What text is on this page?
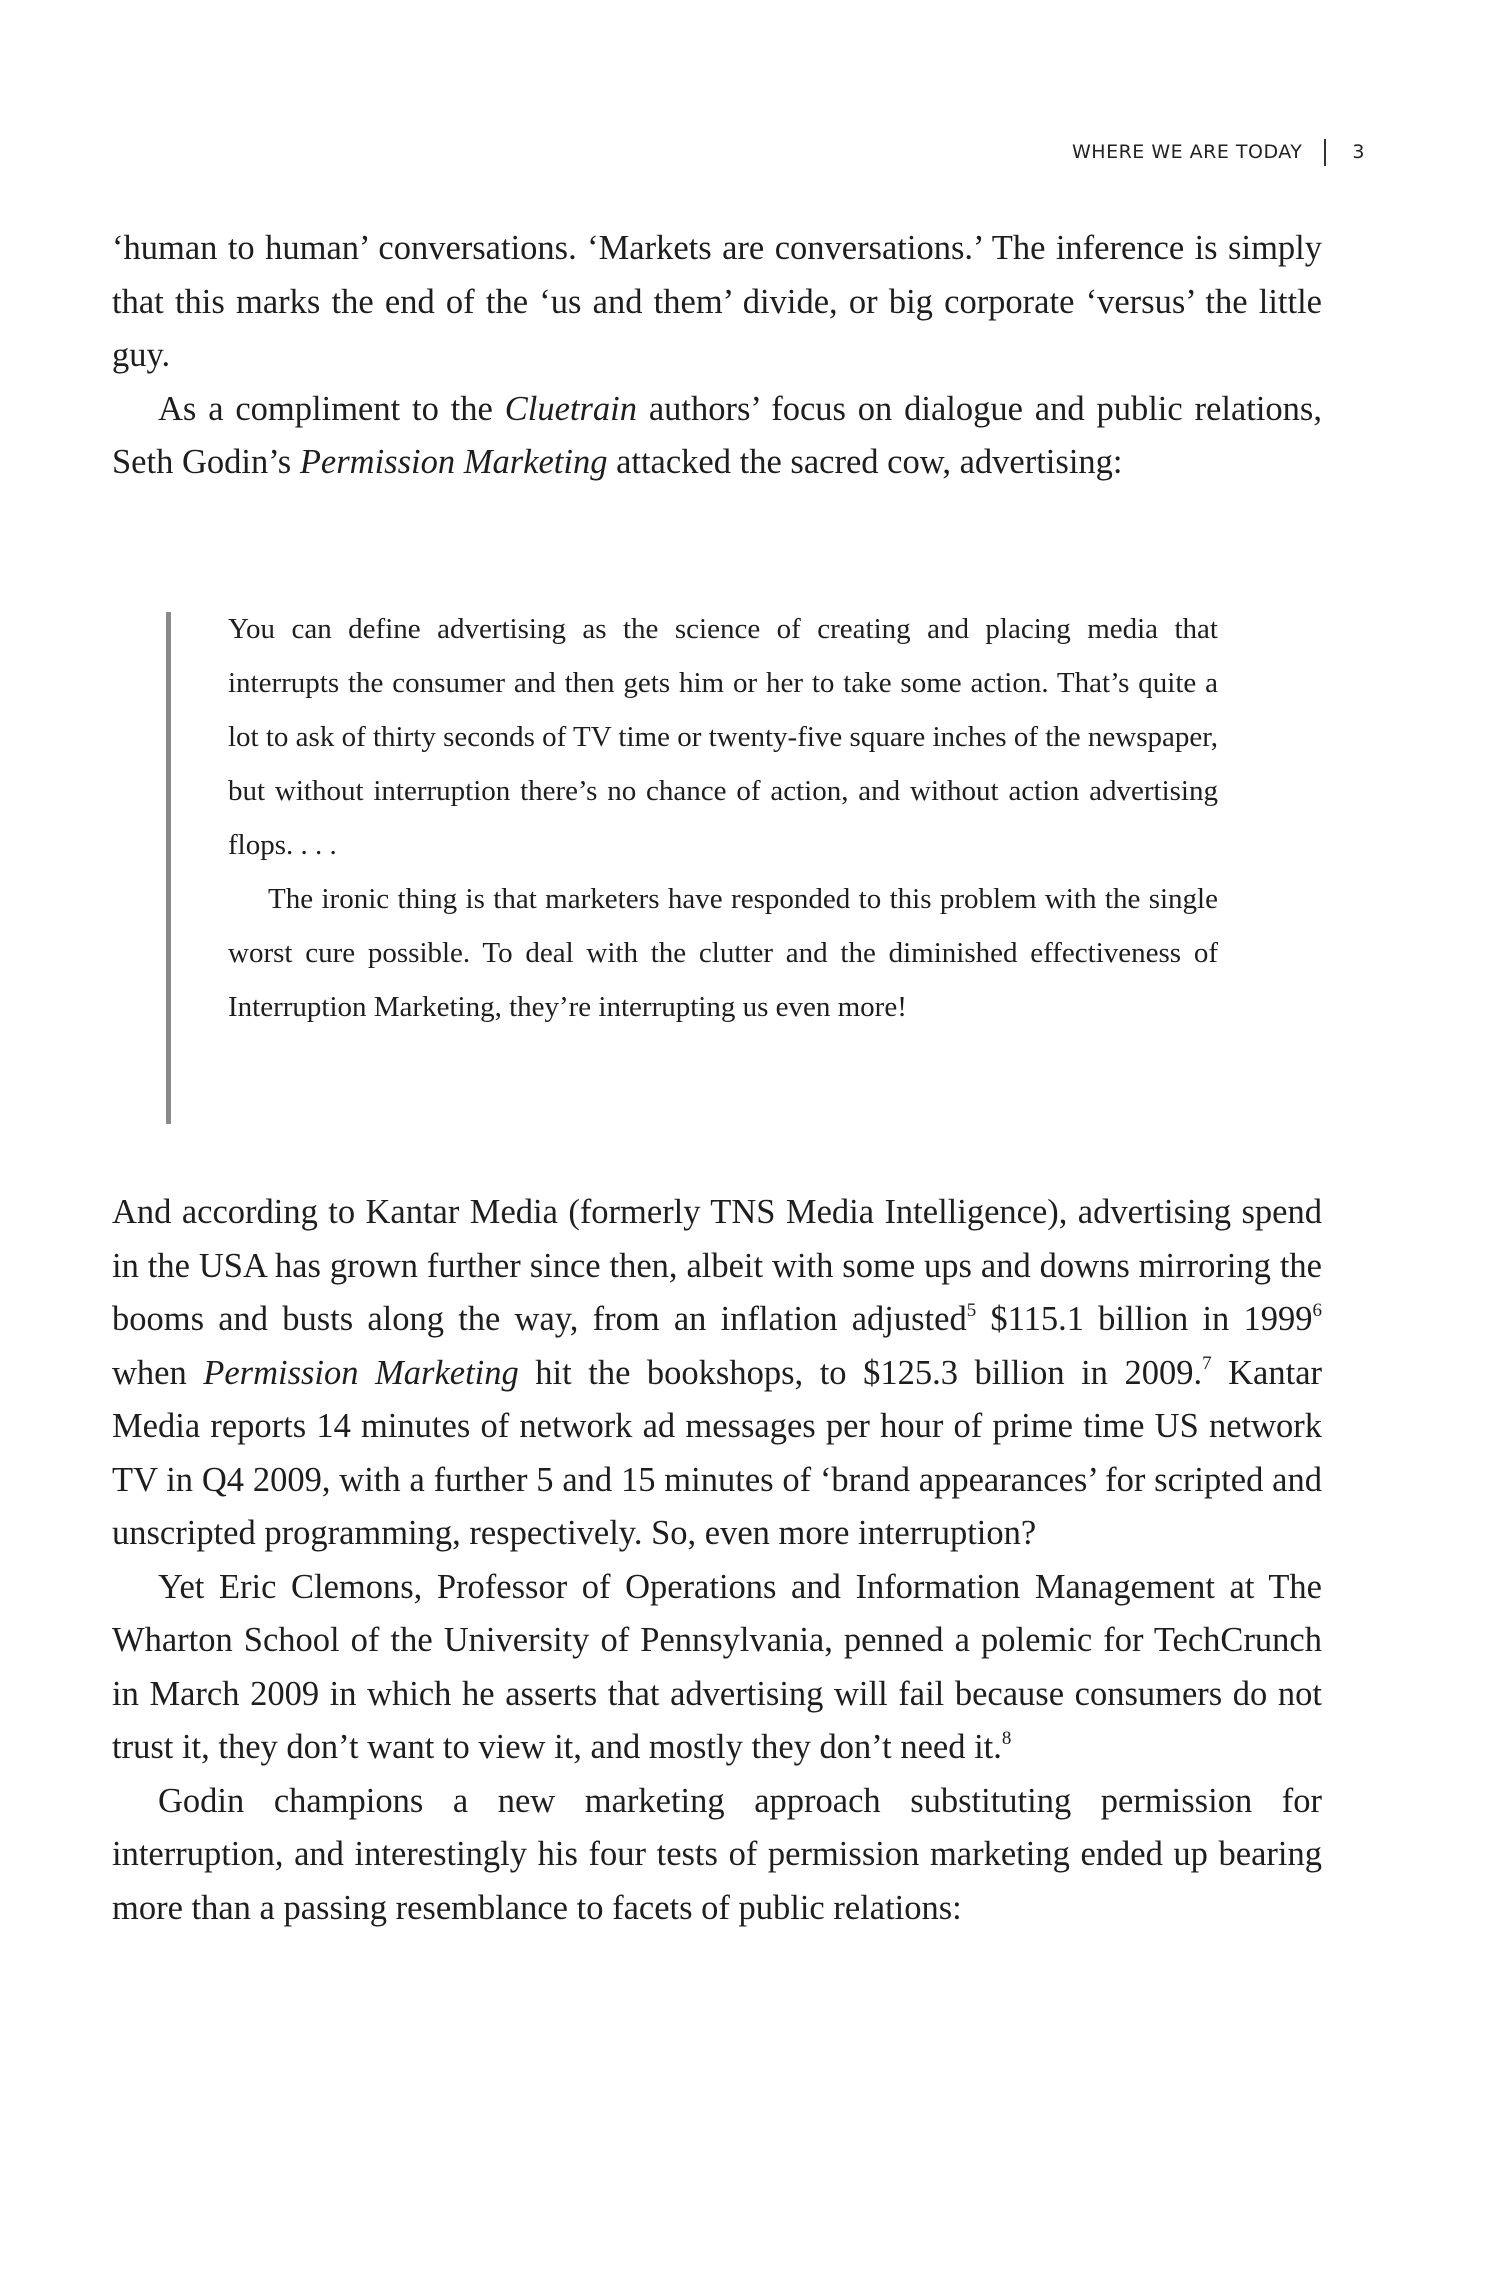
WHERE WE ARE TODAY	3

‘human to human’ conversations. ‘Markets are conversations.’ The inference is simply that this marks the end of the ‘us and them’ divide, or big corporate ‘versus’ the little guy.

As a compliment to the Cluetrain authors’ focus on dialogue and public relations, Seth Godin’s Permission Marketing attacked the sacred cow, advertising:

You can define advertising as the science of creating and placing media that interrupts the consumer and then gets him or her to take some action. That’s quite a lot to ask of thirty seconds of TV time or twenty-five square inches of the newspaper, but without interruption there’s no chance of action, and without action advertising flops. . . .

The ironic thing is that marketers have responded to this problem with the single worst cure possible. To deal with the clutter and the diminished effectiveness of Interruption Marketing, they’re interrupting us even more!

And according to Kantar Media (formerly TNS Media Intelligence), advertising spend in the USA has grown further since then, albeit with some ups and downs mirroring the booms and busts along the way, from an inflation adjusted$^5$ $115.1 billion in 1999$^6$ when Permission Marketing hit the bookshops, to $125.3 billion in 2009.$^7$ Kantar Media reports 14 minutes of network ad messages per hour of prime time US network TV in Q4 2009, with a further 5 and 15 minutes of ‘brand appearances’ for scripted and unscripted programming, respectively. So, even more interruption?

Yet Eric Clemons, Professor of Operations and Information Management at The Wharton School of the University of Pennsylvania, penned a polemic for TechCrunch in March 2009 in which he asserts that advertising will fail because consumers do not trust it, they don’t want to view it, and mostly they don’t need it.$^8$

Godin champions a new marketing approach substituting permission for interruption, and interestingly his four tests of permission marketing ended up bearing more than a passing resemblance to facets of public relations:
